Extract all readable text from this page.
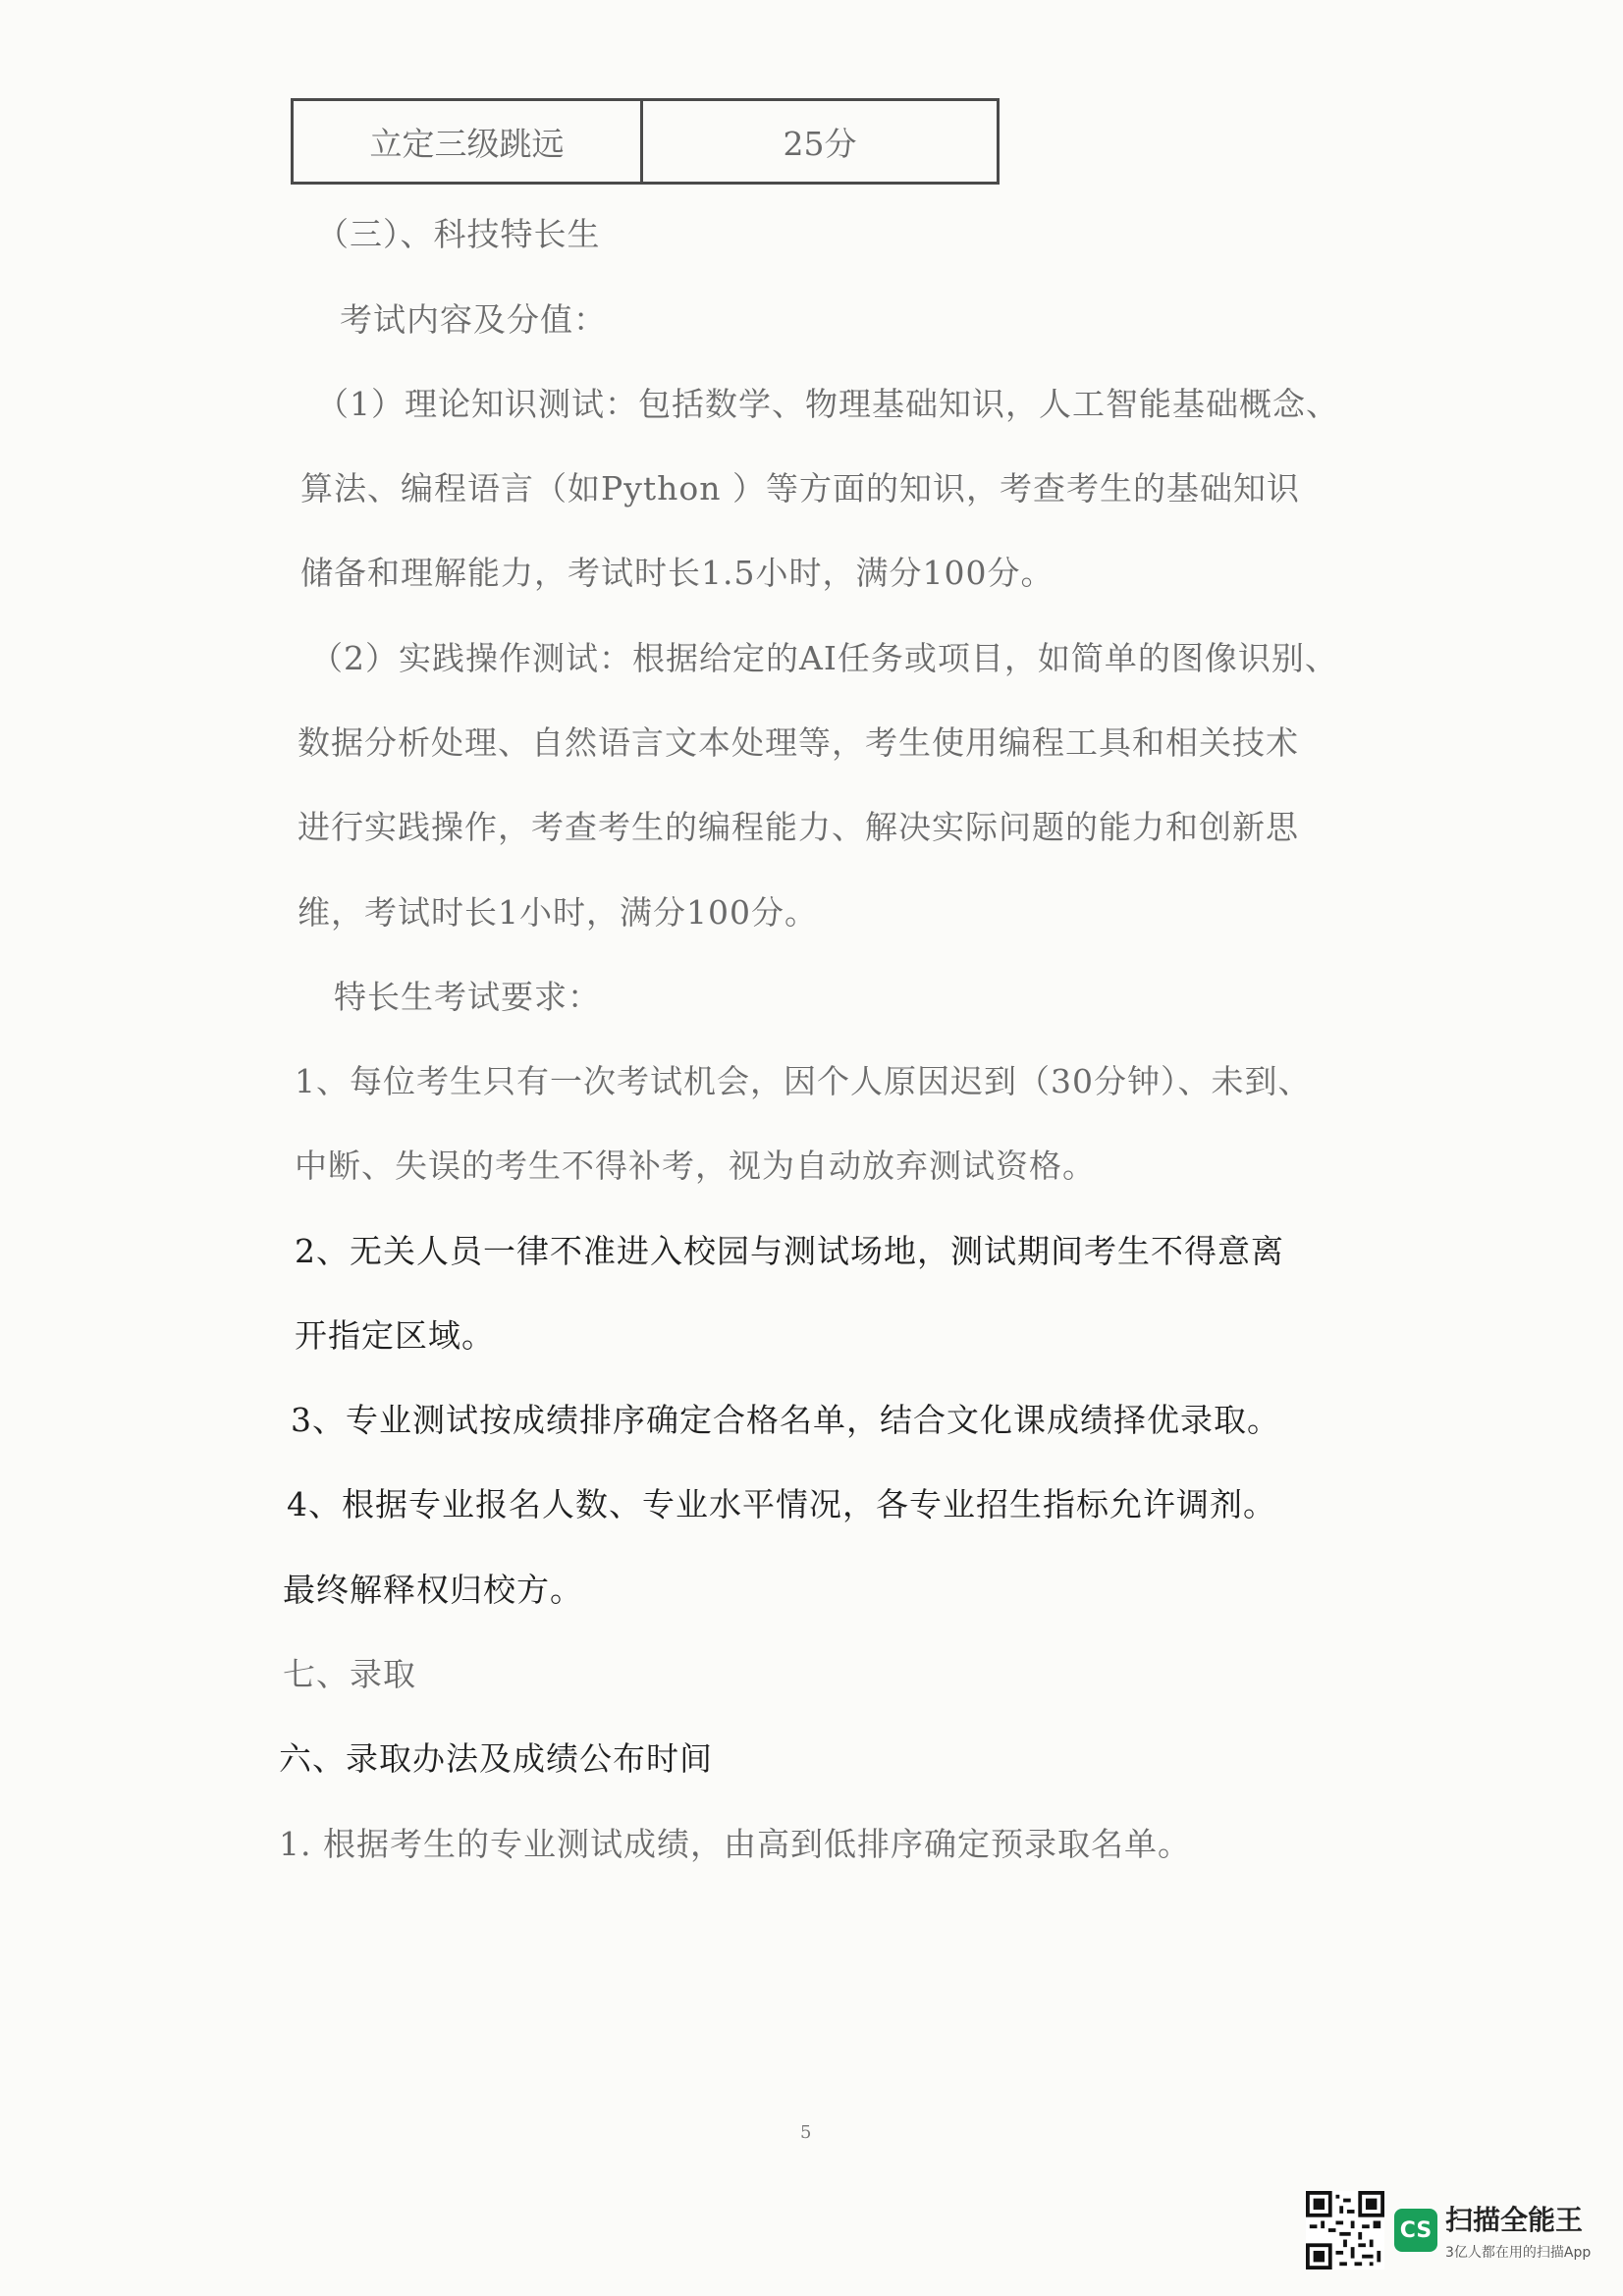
立定三级跳远	25分
（三）、科技特长生
考试内容及分值：
（1）理论知识测试：包括数学、物理基础知识，人工智能基础概念、
算法、编程语言（如Python ）等方面的知识，考查考生的基础知识
储备和理解能力，考试时长1.5小时，满分100分。
（2）实践操作测试：根据给定的AI任务或项目，如简单的图像识别、
数据分析处理、自然语言文本处理等，考生使用编程工具和相关技术
进行实践操作，考查考生的编程能力、解决实际问题的能力和创新思
维，考试时长1小时，满分100分。
特长生考试要求：
1、每位考生只有一次考试机会，因个人原因迟到（30分钟）、未到、
中断、失误的考生不得补考，视为自动放弃测试资格。
2、无关人员一律不准进入校园与测试场地，测试期间考生不得意离
开指定区域。
3、专业测试按成绩排序确定合格名单，结合文化课成绩择优录取。
4、根据专业报名人数、专业水平情况，各专业招生指标允许调剂。
最终解释权归校方。
七、录取
六、录取办法及成绩公布时间
1. 根据考生的专业测试成绩，由高到低排序确定预录取名单。
5
CS 扫描全能王
3亿人都在用的扫描App
